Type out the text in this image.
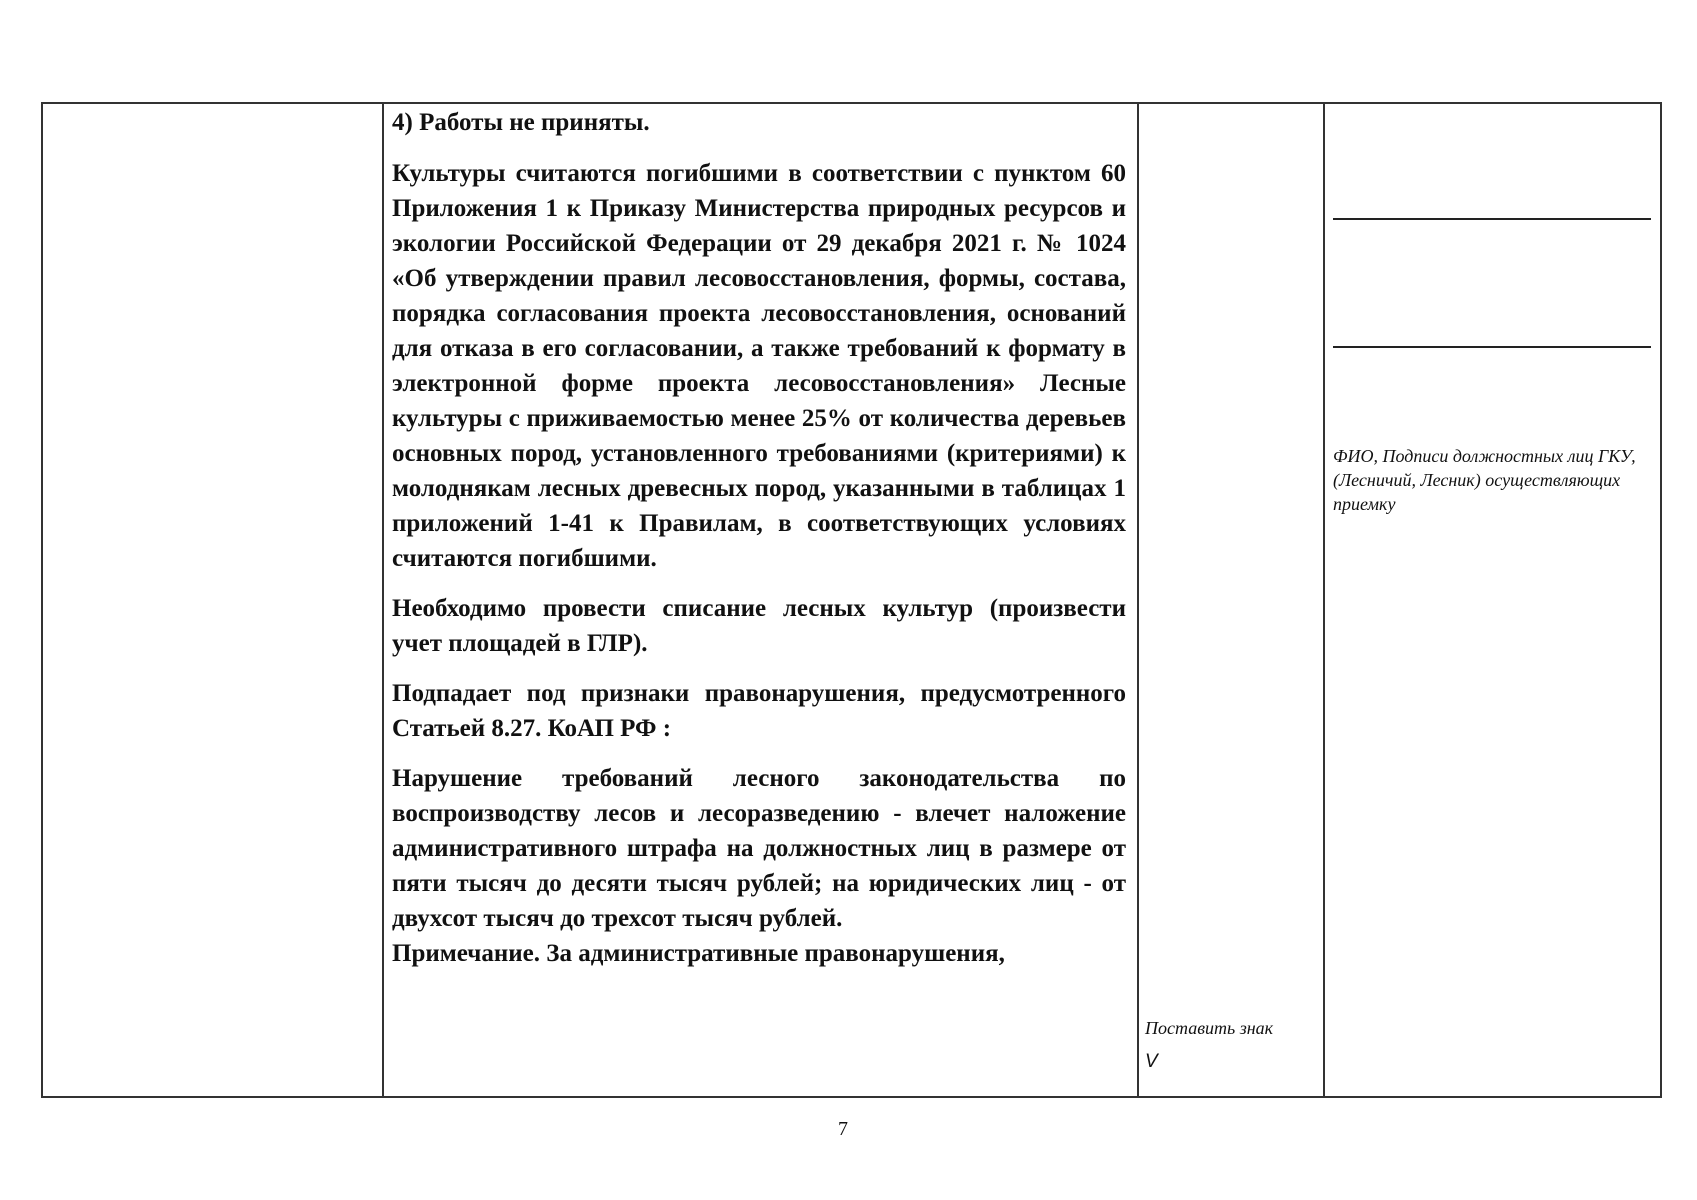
4) Работы не приняты.

Культуры считаются погибшими в соответствии с пунктом 60 Приложения 1 к Приказу Министерства природных ресурсов и экологии Российской Федерации от 29 декабря 2021 г. № 1024 «Об утверждении правил лесовосстановления, формы, состава, порядка согласования проекта лесовосстановления, оснований для отказа в его согласовании, а также требований к формату в электронной форме проекта лесовосстановления» Лесные культуры с приживаемостью менее 25% от количества деревьев основных пород, установленного требованиями (критериями) к молоднякам лесных древесных пород, указанными в таблицах 1 приложений 1-41 к Правилам, в соответствующих условиях считаются погибшими.

Необходимо провести списание лесных культур (произвести учет площадей в ГЛР).

Подпадает под признаки правонарушения, предусмотренного Статьей 8.27. КоАП РФ :

Нарушение требований лесного законодательства по воспроизводству лесов и лесоразведению - влечет наложение административного штрафа на должностных лиц в размере от пяти тысяч до десяти тысяч рублей; на юридических лиц - от двухсот тысяч до трехсот тысяч рублей.

Примечание. За административные правонарушения,

Поставить знак
V
ФИО, Подписи должностных лиц ГКУ, (Лесничий, Лесник) осуществляющих приемку
7
